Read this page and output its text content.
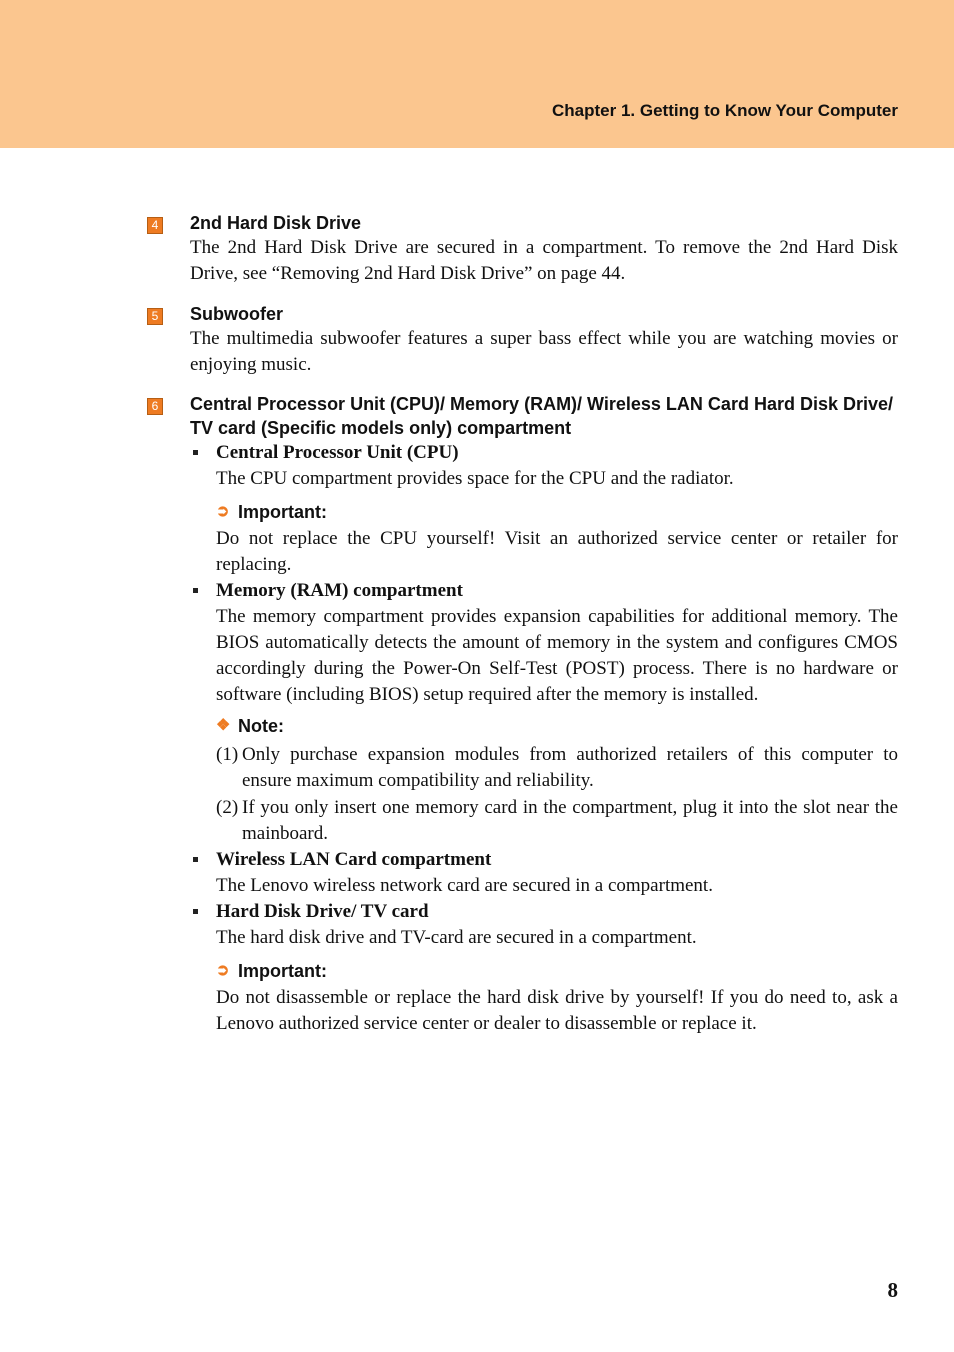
Chapter 1. Getting to Know Your Computer
4 2nd Hard Disk Drive

The 2nd Hard Disk Drive are secured in a compartment. To remove the 2nd Hard Disk Drive, see “Removing 2nd Hard Disk Drive” on page 44.

5 Subwoofer

The multimedia subwoofer features a super bass effect while you are watching movies or enjoying music.

6 Central Processor Unit (CPU)/ Memory (RAM)/ Wireless LAN Card Hard Disk Drive/ TV card (Specific models only) compartment

Central Processor Unit (CPU)

The CPU compartment provides space for the CPU and the radiator.

➲ Important:

Do not replace the CPU yourself! Visit an authorized service center or retailer for replacing.

Memory (RAM) compartment

The memory compartment provides expansion capabilities for additional memory. The BIOS automatically detects the amount of memory in the system and configures CMOS accordingly during the Power-On Self-Test (POST) process. There is no hardware or software (including BIOS) setup required after the memory is installed.

❖ Note:

(1) Only purchase expansion modules from authorized retailers of this computer to ensure maximum compatibility and reliability.

(2) If you only insert one memory card in the compartment, plug it into the slot near the mainboard.

Wireless LAN Card compartment

The Lenovo wireless network card are secured in a compartment.

Hard Disk Drive/ TV card

The hard disk drive and TV-card are secured in a compartment.

➲ Important:

Do not disassemble or replace the hard disk drive by yourself! If you do need to, ask a Lenovo authorized service center or dealer to disassemble or replace it.

8
